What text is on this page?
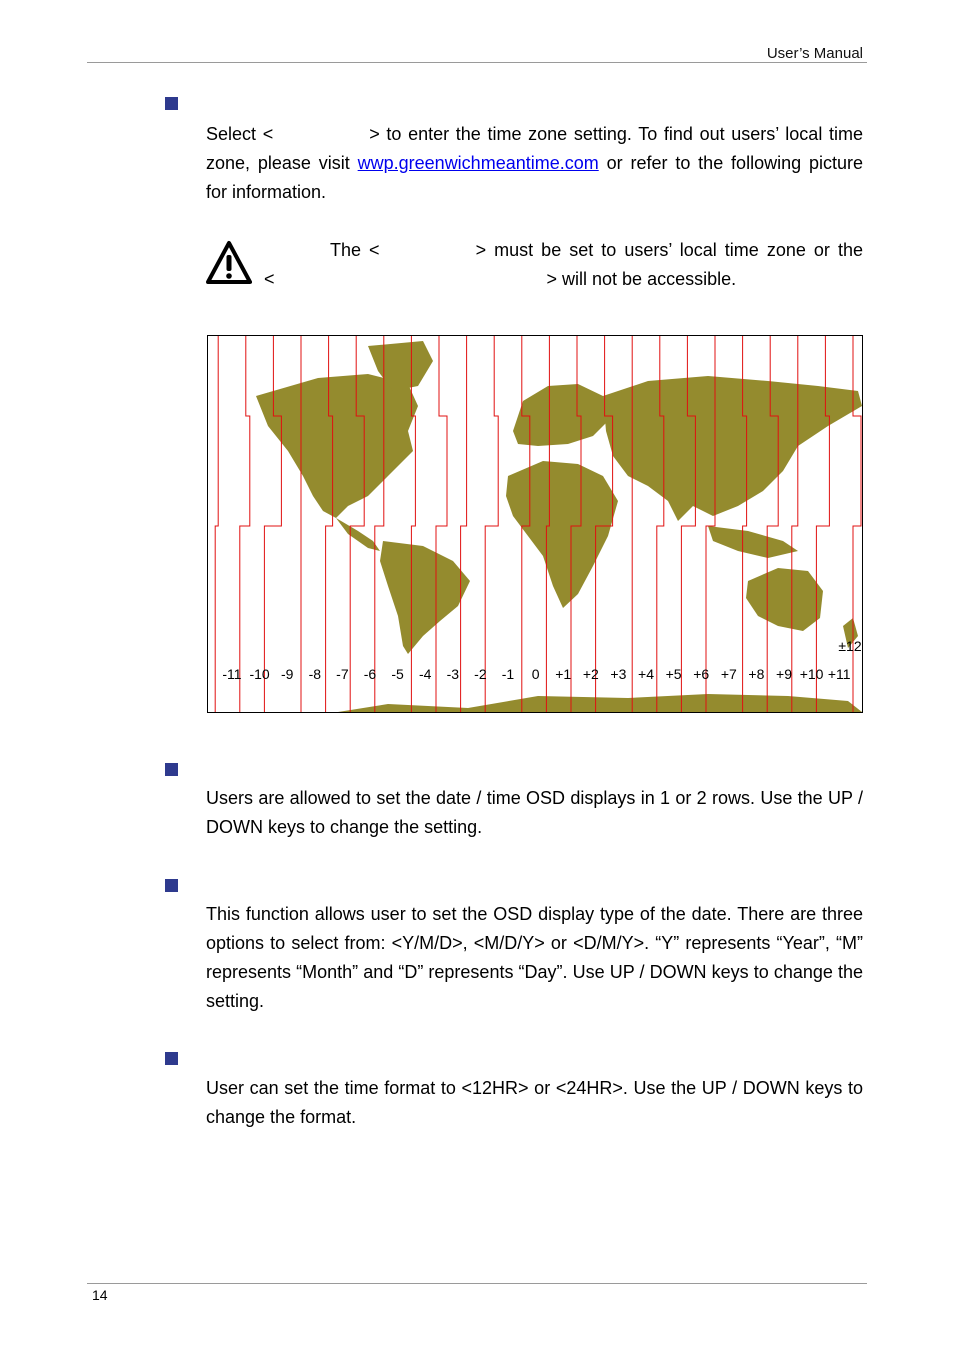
User’s Manual

Select <	> to enter the time zone setting. To find out users’ local time zone, please visit wwp.greenwichmeantime.com or refer to the following picture for information.

The <	> must be set to users’ local time zone or the

<	> will not be accessible.

-11 -10 -9 -8 -7 -6 -5 -4 -3 -2 -1 0 +1 +2 +3 +4 +5 +6 +7 +8 +9 +10 +11
±12

Users are allowed to set the date / time OSD displays in 1 or 2 rows. Use the UP / DOWN keys to change the setting.

This function allows user to set the OSD display type of the date. There are three options to select from: <Y/M/D>, <M/D/Y> or <D/M/Y>. “Y” represents “Year”, “M” represents “Month” and “D” represents “Day”. Use UP / DOWN keys to change the setting.

User can set the time format to <12HR> or <24HR>. Use the UP / DOWN keys to change the format.

14
